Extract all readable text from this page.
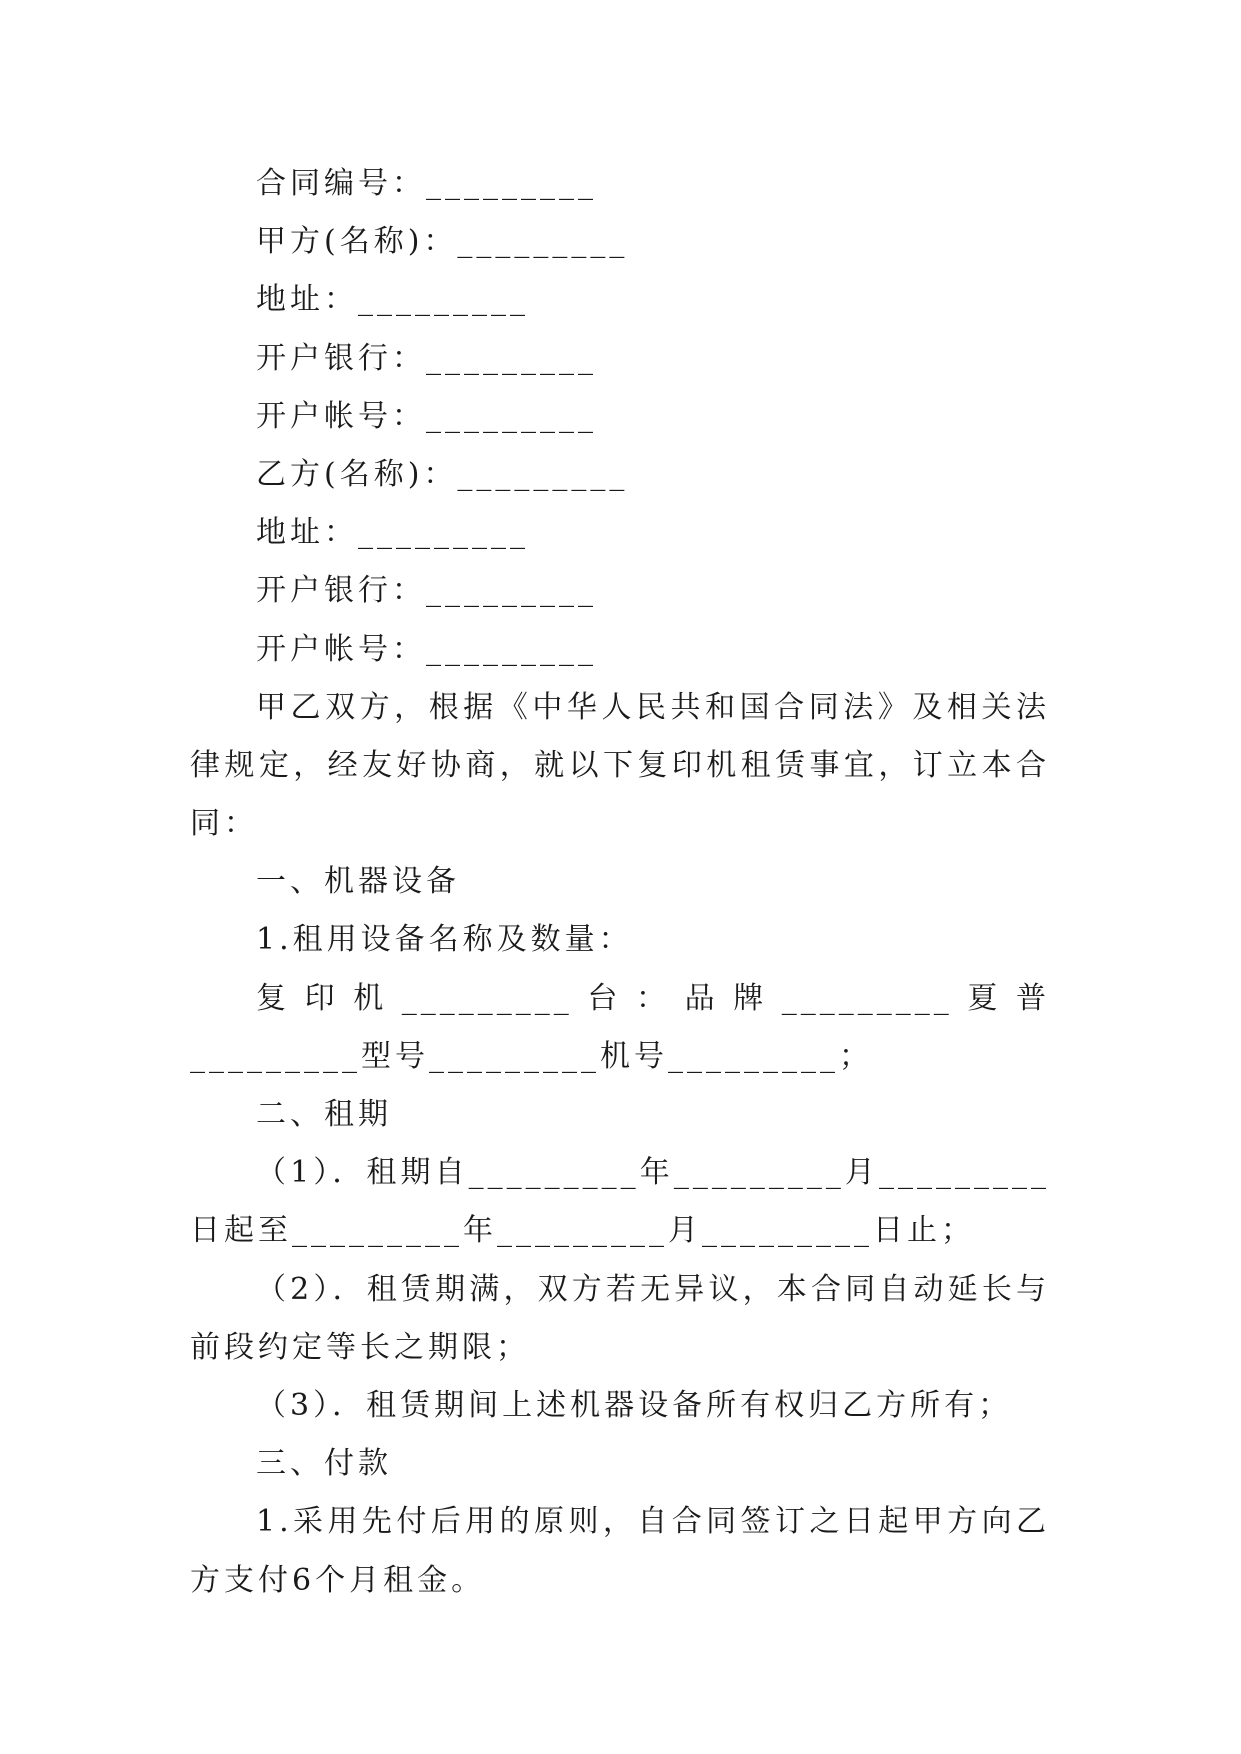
合同编号：_________
甲方(名称)：_________
地址：_________
开户银行：_________
开户帐号：_________
乙方(名称)：_________
地址：_________
开户银行：_________
开户帐号：_________
甲乙双方，根据《中华人民共和国合同法》及相关法律规定，经友好协商，就以下复印机租赁事宜，订立本合同：
一、机器设备
1.租用设备名称及数量：
复印机_________台：品牌_________夏普_________型号_________机号_________；
二、租期
（1）．租期自_________年_________月_________日起至_________年_________月_________日止；
（2）．租赁期满，双方若无异议，本合同自动延长与前段约定等长之期限；
（3）．租赁期间上述机器设备所有权归乙方所有；
三、付款
1.采用先付后用的原则，自合同签订之日起甲方向乙方支付6个月租金。
